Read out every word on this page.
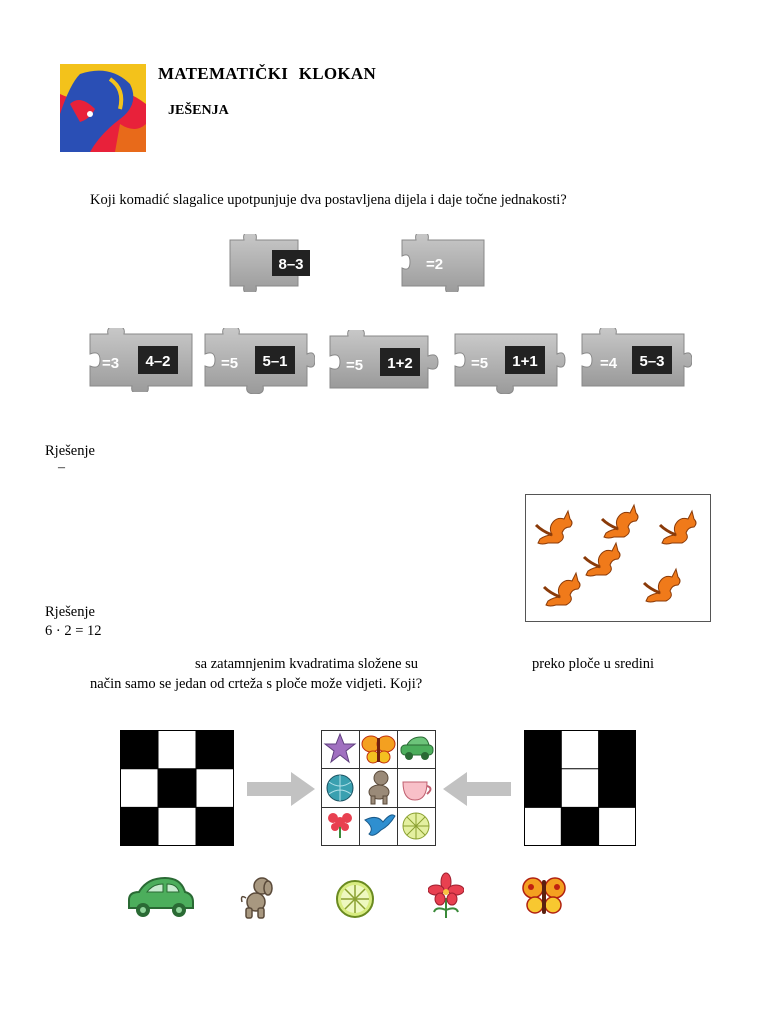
MATEMATIČKI KLOKAN
JEŠENJA
Koji komadić slagalice upotpunjuje dva postavljena dijela i daje točne jednakosti?
8–3	=2
=3 4–2	=5 5–1	=5 1+2	=5 1+1	=4 5–3
Rješenje
–
Rješenje
6 · 2 = 12
sa zatamnjenim kvadratima složene su	preko ploče u sredini
način samo se jedan od crteža s ploče može vidjeti. Koji?
